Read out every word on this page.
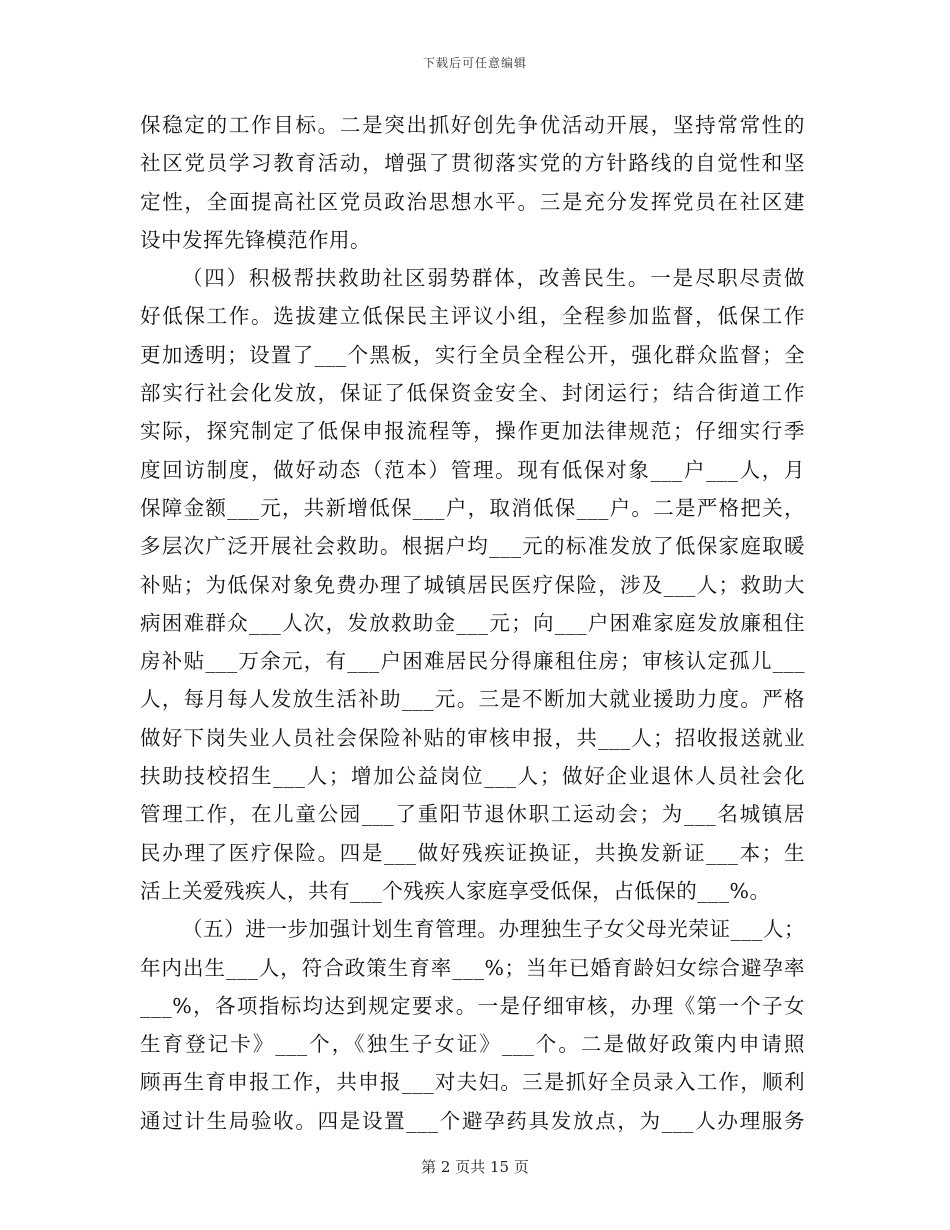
下载后可任意编辑
保稳定的工作目标。二是突出抓好创先争优活动开展，坚持常常性的
社区党员学习教育活动，增强了贯彻落实党的方针路线的自觉性和坚
定性，全面提高社区党员政治思想水平。三是充分发挥党员在社区建
设中发挥先锋模范作用。
（四）积极帮扶救助社区弱势群体，改善民生。一是尽职尽责做
好低保工作。选拔建立低保民主评议小组，全程参加监督，低保工作
更加透明；设置了___个黑板，实行全员全程公开，强化群众监督；全
部实行社会化发放，保证了低保资金安全、封闭运行；结合街道工作
实际，探究制定了低保申报流程等，操作更加法律规范；仔细实行季
度回访制度，做好动态（范本）管理。现有低保对象___户___人，月
保障金额___元，共新增低保___户，取消低保___户。二是严格把关，
多层次广泛开展社会救助。根据户均___元的标准发放了低保家庭取暖
补贴；为低保对象免费办理了城镇居民医疗保险，涉及___人；救助大
病困难群众___人次，发放救助金___元；向___户困难家庭发放廉租住
房补贴___万余元，有___户困难居民分得廉租住房；审核认定孤儿___
人，每月每人发放生活补助___元。三是不断加大就业援助力度。严格
做好下岗失业人员社会保险补贴的审核申报，共___人；招收报送就业
扶助技校招生___人；增加公益岗位___人；做好企业退休人员社会化
管理工作，在儿童公园___了重阳节退休职工运动会；为___名城镇居
民办理了医疗保险。四是___做好残疾证换证，共换发新证___本；生
活上关爱残疾人，共有___个残疾人家庭享受低保，占低保的___%。
（五）进一步加强计划生育管理。办理独生子女父母光荣证___人；
年内出生___人，符合政策生育率___%；当年已婚育龄妇女综合避孕率
___%，各项指标均达到规定要求。一是仔细审核，办理《第一个子女
生育登记卡》___个，《独生子女证》___个。二是做好政策内申请照
顾再生育申报工作，共申报___对夫妇。三是抓好全员录入工作，顺利
通过计生局验收。四是设置___个避孕药具发放点，为___人办理服务
第 2 页共 15 页
